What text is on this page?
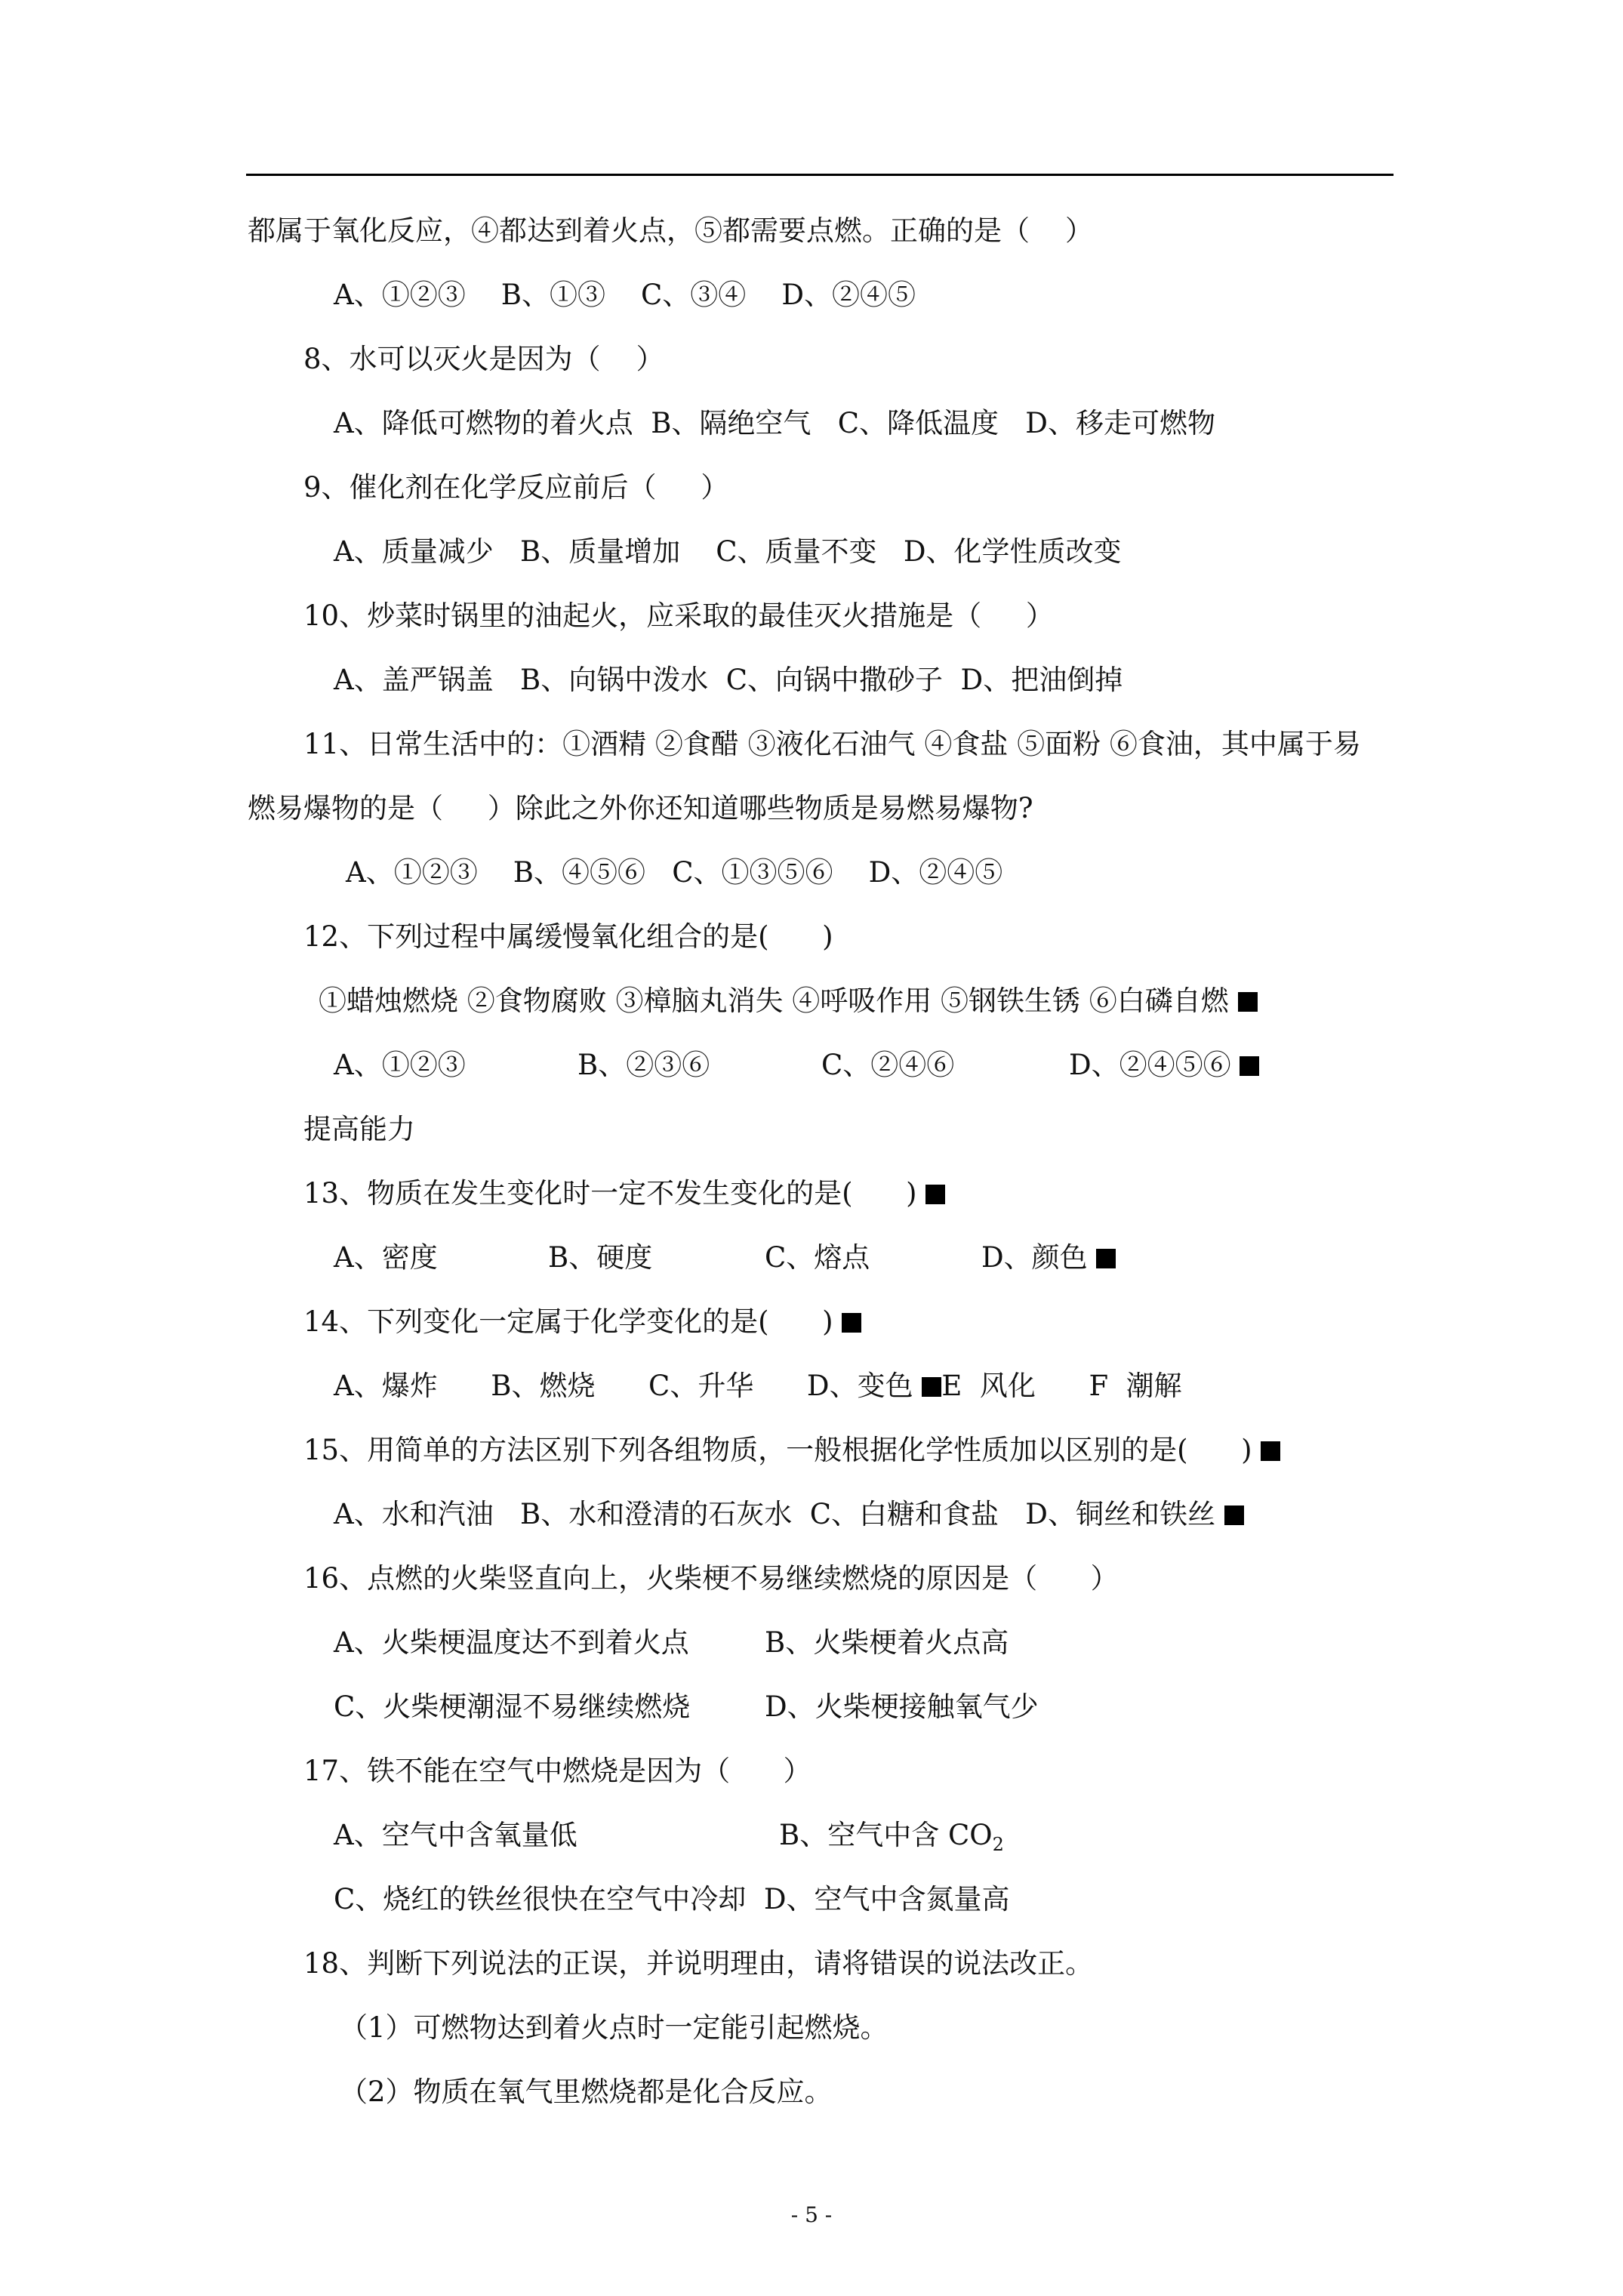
都属于氧化反应，④都达到着火点，⑤都需要点燃。正确的是（    ）
A、①②③    B、①③    C、③④    D、②④⑤
8、水可以灭火是因为（    ）
A、降低可燃物的着火点  B、隔绝空气   C、降低温度   D、移走可燃物
9、催化剂在化学反应前后（     ）
A、质量减少   B、质量增加    C、质量不变   D、化学性质改变
10、炒菜时锅里的油起火，应采取的最佳灭火措施是（     ）
A、盖严锅盖   B、向锅中泼水  C、向锅中撒砂子  D、把油倒掉
11、日常生活中的：①酒精 ②食醋 ③液化石油气 ④食盐 ⑤面粉 ⑥食油，其中属于易
燃易爆物的是（     ）除此之外你还知道哪些物质是易燃易爆物?
A、①②③    B、④⑤⑥   C、①③⑤⑥    D、②④⑤
12、下列过程中属缓慢氧化组合的是(      )
①蜡烛燃烧 ②食物腐败 ③樟脑丸消失 ④呼吸作用 ⑤钢铁生锈 ⑥白磷自燃
A、①②③	B、②③⑥	C、②④⑥	D、②④⑤⑥
提高能力
13、物质在发生变化时一定不发生变化的是(      )
A、密度	B、硬度	C、熔点	D、颜色
14、下列变化一定属于化学变化的是(      )
A、爆炸      B、燃烧      C、升华      D、变色 E  风化      F  潮解
15、用简单的方法区别下列各组物质，一般根据化学性质加以区别的是(      )
A、水和汽油   B、水和澄清的石灰水  C、白糖和食盐   D、铜丝和铁丝
16、点燃的火柴竖直向上，火柴梗不易继续燃烧的原因是（      ）
A、火柴梗温度达不到着火点	B、火柴梗着火点高
C、火柴梗潮湿不易继续燃烧	D、火柴梗接触氧气少
17、铁不能在空气中燃烧是因为（      ）
A、空气中含氧量低	B、空气中含 $CO_2$
C、烧红的铁丝很快在空气中冷却  D、空气中含氮量高
18、判断下列说法的正误，并说明理由，请将错误的说法改正。
（1）可燃物达到着火点时一定能引起燃烧。
（2）物质在氧气里燃烧都是化合反应。
- 5 -
